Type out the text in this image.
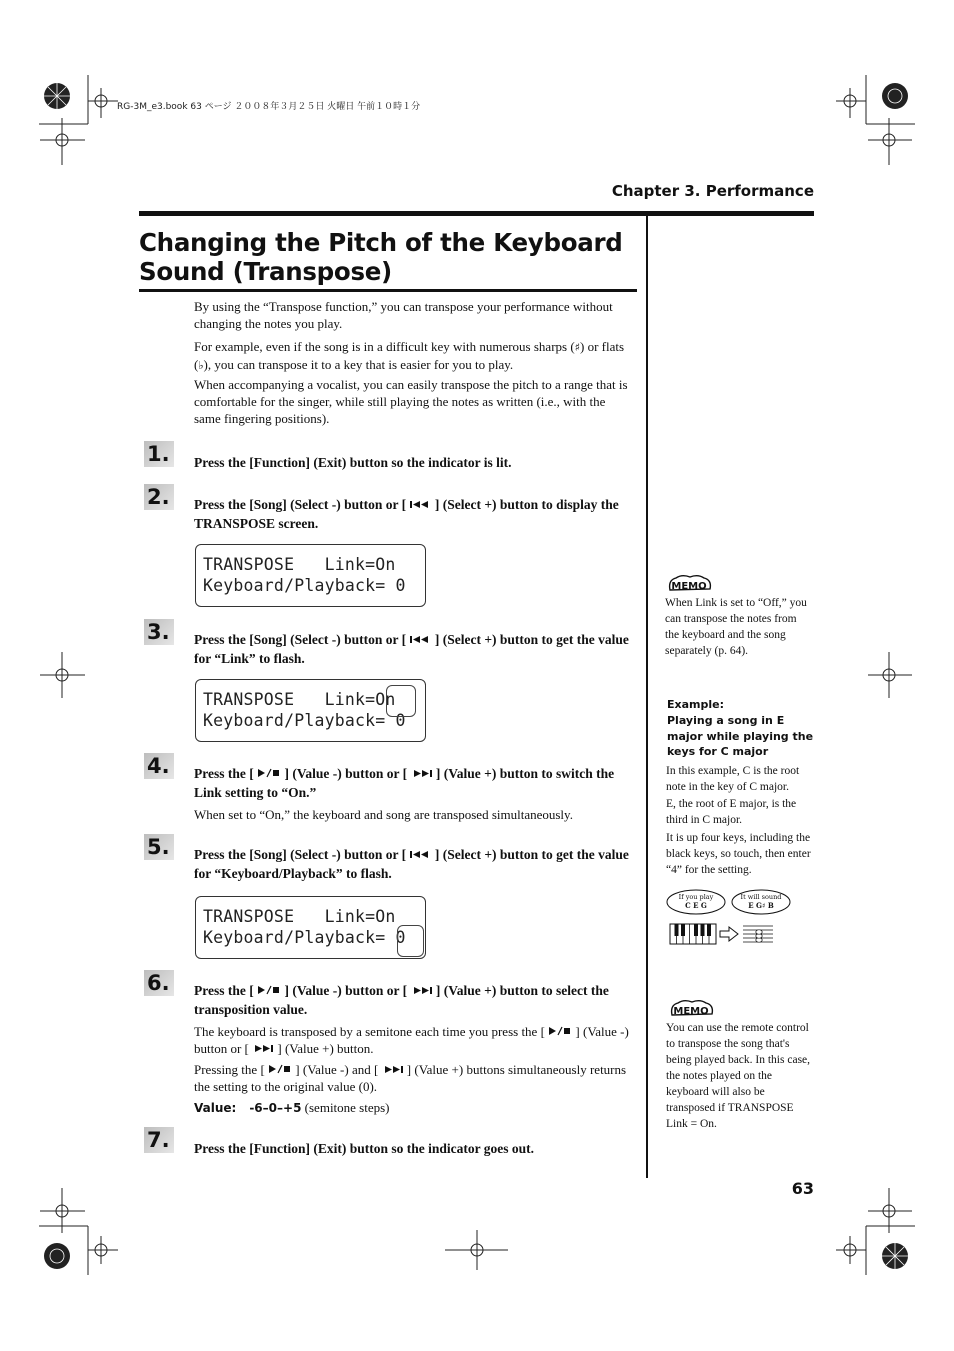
RG-3M_e3.book 63 ページ ２００８年３月２５日 火曜日 午前１０時１分
Chapter 3. Performance
Changing the Pitch of the Keyboard Sound (Transpose)
By using the “Transpose function,” you can transpose your performance without changing the notes you play.
For example, even if the song is in a difficult key with numerous sharps (♯) or flats (♭), you can transpose it to a key that is easier for you to play.
When accompanying a vocalist, you can easily transpose the pitch to a range that is comfortable for the singer, while still playing the notes as written (i.e., with the same fingering positions).
1. Press the [Function] (Exit) button so the indicator is lit.
2. Press the [Song] (Select -) button or [ ] (Select +) button to display the TRANSPOSE screen.
TRANSPOSE   Link=On
Keyboard/Playback= 0
3. Press the [Song] (Select -) button or [ ] (Select +) button to get the value for “Link” to flash.
TRANSPOSE   Link=On
Keyboard/Playback= 0
4. Press the [ ] (Value -) button or [ ] (Value +) button to switch the Link setting to “On.”
When set to “On,” the keyboard and song are transposed simultaneously.
5. Press the [Song] (Select -) button or [ ] (Select +) button to get the value for “Keyboard/Playback” to flash.
TRANSPOSE   Link=On
Keyboard/Playback= 0
6. Press the [ ] (Value -) button or [ ] (Value +) button to select the transposition value.
The keyboard is transposed by a semitone each time you press the [ ] (Value -) button or [ ] (Value +) button.
Pressing the [ ] (Value -) and [ ] (Value +) buttons simultaneously returns the setting to the original value (0).
Value: -6–0–+5 (semitone steps)
7. Press the [Function] (Exit) button so the indicator goes out.
MEMO
When Link is set to “Off,” you can transpose the notes from the keyboard and the song separately (p. 64).
Example:
Playing a song in E major while playing the keys for C major
In this example, C is the root note in the key of C major.
E, the root of E major, is the third in C major.
It is up four keys, including the black keys, so touch, then enter “4” for the setting.
If you play
C E G
It will sound
E G♯ B
MEMO
You can use the remote control to transpose the song that's being played back. In this case, the notes played on the keyboard will also be transposed if TRANSPOSE Link = On.
63
